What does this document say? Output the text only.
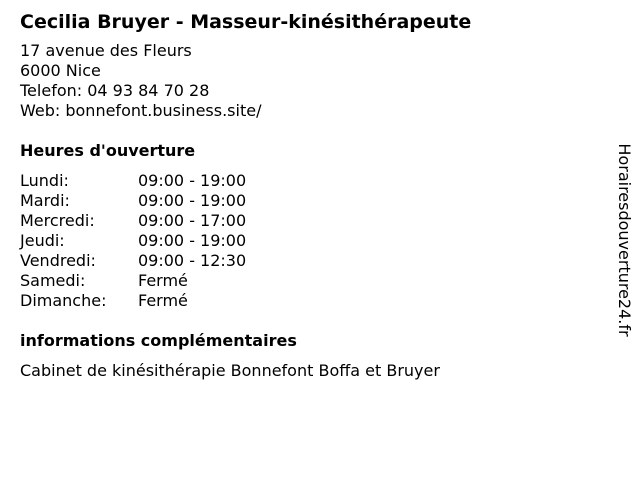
Cecilia Bruyer - Masseur-kinésithérapeute
17 avenue des Fleurs
6000 Nice
Telefon: 04 93 84 70 28
Web: bonnefont.business.site/
Heures d'ouverture
Lundi:	09:00 - 19:00
Mardi:	09:00 - 19:00
Mercredi:	09:00 - 17:00
Jeudi:	09:00 - 19:00
Vendredi:	09:00 - 12:30
Samedi:	Fermé
Dimanche:	Fermé
informations complémentaires
Cabinet de kinésithérapie Bonnefont Boffa et Bruyer
Horairesdouverture24.fr
